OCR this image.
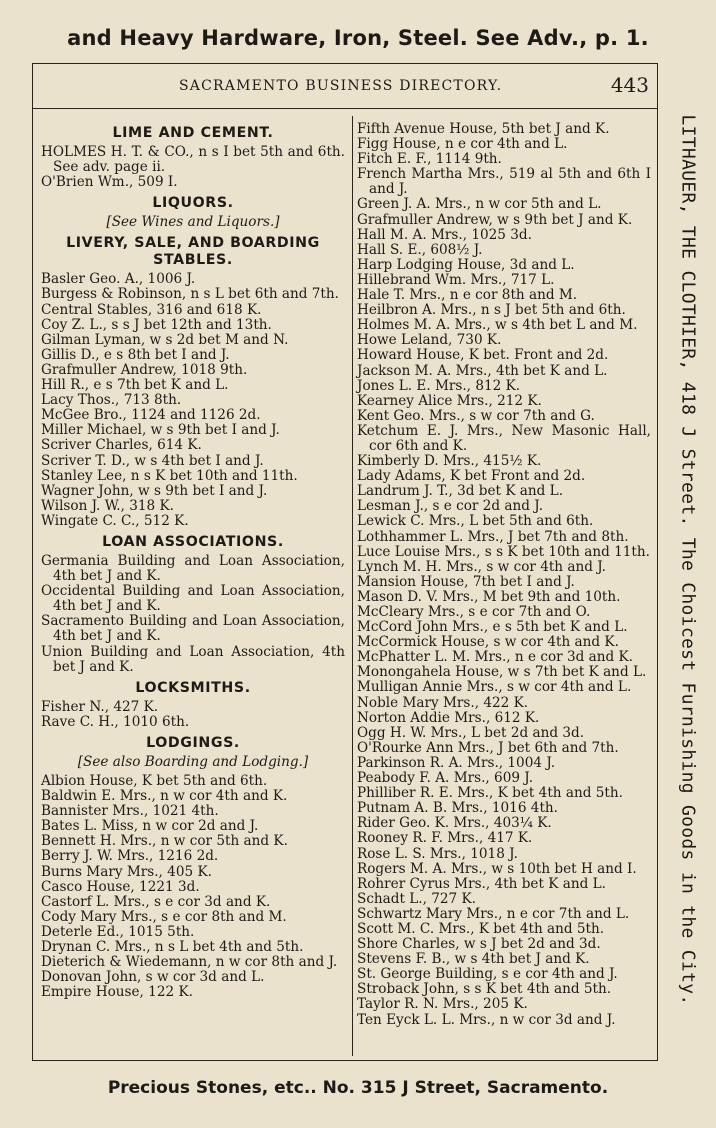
and Heavy Hardware, Iron, Steel. See Adv., p. 1.
SACRAMENTO BUSINESS DIRECTORY.	443
LIME AND CEMENT.
HOLMES H. T. & CO., n s I bet 5th and 6th. See adv. page ii.
O'Brien Wm., 509 I.
LIQUORS.
[See Wines and Liquors.]
LIVERY, SALE, AND BOARDING STABLES.
Basler Geo. A., 1006 J.
Burgess & Robinson, n s L bet 6th and 7th.
Central Stables, 316 and 618 K.
Coy Z. L., s s J bet 12th and 13th.
Gilman Lyman, w s 2d bet M and N.
Gillis D., e s 8th bet I and J.
Grafmuller Andrew, 1018 9th.
Hill R., e s 7th bet K and L.
Lacy Thos., 713 8th.
McGee Bro., 1124 and 1126 2d.
Miller Michael, w s 9th bet I and J.
Scriver Charles, 614 K.
Scriver T. D., w s 4th bet I and J.
Stanley Lee, n s K bet 10th and 11th.
Wagner John, w s 9th bet I and J.
Wilson J. W., 318 K.
Wingate C. C., 512 K.
LOAN ASSOCIATIONS.
Germania Building and Loan Association, 4th bet J and K.
Occidental Building and Loan Association, 4th bet J and K.
Sacramento Building and Loan Association, 4th bet J and K.
Union Building and Loan Association, 4th bet J and K.
LOCKSMITHS.
Fisher N., 427 K.
Rave C. H., 1010 6th.
LODGINGS.
[See also Boarding and Lodging.]
Albion House, K bet 5th and 6th.
Baldwin E. Mrs., n w cor 4th and K.
Bannister Mrs., 1021 4th.
Bates L. Miss, n w cor 2d and J.
Bennett H. Mrs., n w cor 5th and K.
Berry J. W. Mrs., 1216 2d.
Burns Mary Mrs., 405 K.
Casco House, 1221 3d.
Castorf L. Mrs., s e cor 3d and K.
Cody Mary Mrs., s e cor 8th and M.
Deterle Ed., 1015 5th.
Drynan C. Mrs., n s L bet 4th and 5th.
Dieterich & Wiedemann, n w cor 8th and J.
Donovan John, s w cor 3d and L.
Empire House, 122 K.
Fifth Avenue House, 5th bet J and K.
Figg House, n e cor 4th and L.
Fitch E. F., 1114 9th.
French Martha Mrs., 519 al 5th and 6th I and J.
Green J. A. Mrs., n w cor 5th and L.
Grafmuller Andrew, w s 9th bet J and K.
Hall M. A. Mrs., 1025 3d.
Hall S. E., 608½ J.
Harp Lodging House, 3d and L.
Hillebrand Wm. Mrs., 717 L.
Hale T. Mrs., n e cor 8th and M.
Heilbron A. Mrs., n s J bet 5th and 6th.
Holmes M. A. Mrs., w s 4th bet L and M.
Howe Leland, 730 K.
Howard House, K bet. Front and 2d.
Jackson M. A. Mrs., 4th bet K and L.
Jones L. E. Mrs., 812 K.
Kearney Alice Mrs., 212 K.
Kent Geo. Mrs., s w cor 7th and G.
Ketchum E. J. Mrs., New Masonic Hall, cor 6th and K.
Kimberly D. Mrs., 415½ K.
Lady Adams, K bet Front and 2d.
Landrum J. T., 3d bet K and L.
Lesman J., s e cor 2d and J.
Lewick C. Mrs., L bet 5th and 6th.
Lothhammer L. Mrs., J bet 7th and 8th.
Luce Louise Mrs., s s K bet 10th and 11th.
Lynch M. H. Mrs., s w cor 4th and J.
Mansion House, 7th bet I and J.
Mason D. V. Mrs., M bet 9th and 10th.
McCleary Mrs., s e cor 7th and O.
McCord John Mrs., e s 5th bet K and L.
McCormick House, s w cor 4th and K.
McPhatter L. M. Mrs., n e cor 3d and K.
Monongahela House, w s 7th bet K and L.
Mulligan Annie Mrs., s w cor 4th and L.
Noble Mary Mrs., 422 K.
Norton Addie Mrs., 612 K.
Ogg H. W. Mrs., L bet 2d and 3d.
O'Rourke Ann Mrs., J bet 6th and 7th.
Parkinson R. A. Mrs., 1004 J.
Peabody F. A. Mrs., 609 J.
Philliber R. E. Mrs., K bet 4th and 5th.
Putnam A. B. Mrs., 1016 4th.
Rider Geo. K. Mrs., 403¼ K.
Rooney R. F. Mrs., 417 K.
Rose L. S. Mrs., 1018 J.
Rogers M. A. Mrs., w s 10th bet H and I.
Rohrer Cyrus Mrs., 4th bet K and L.
Schadt L., 727 K.
Schwartz Mary Mrs., n e cor 7th and L.
Scott M. C. Mrs., K bet 4th and 5th.
Shore Charles, w s J bet 2d and 3d.
Stevens F. B., w s 4th bet J and K.
St. George Building, s e cor 4th and J.
Stroback John, s s K bet 4th and 5th.
Taylor R. N. Mrs., 205 K.
Ten Eyck L. L. Mrs., n w cor 3d and J.
LITHAUER, THE CLOTHIER, 418 J Street. The Choicest Furnishing Goods in the City.
Precious Stones, etc.. No. 315 J Street, Sacramento.
